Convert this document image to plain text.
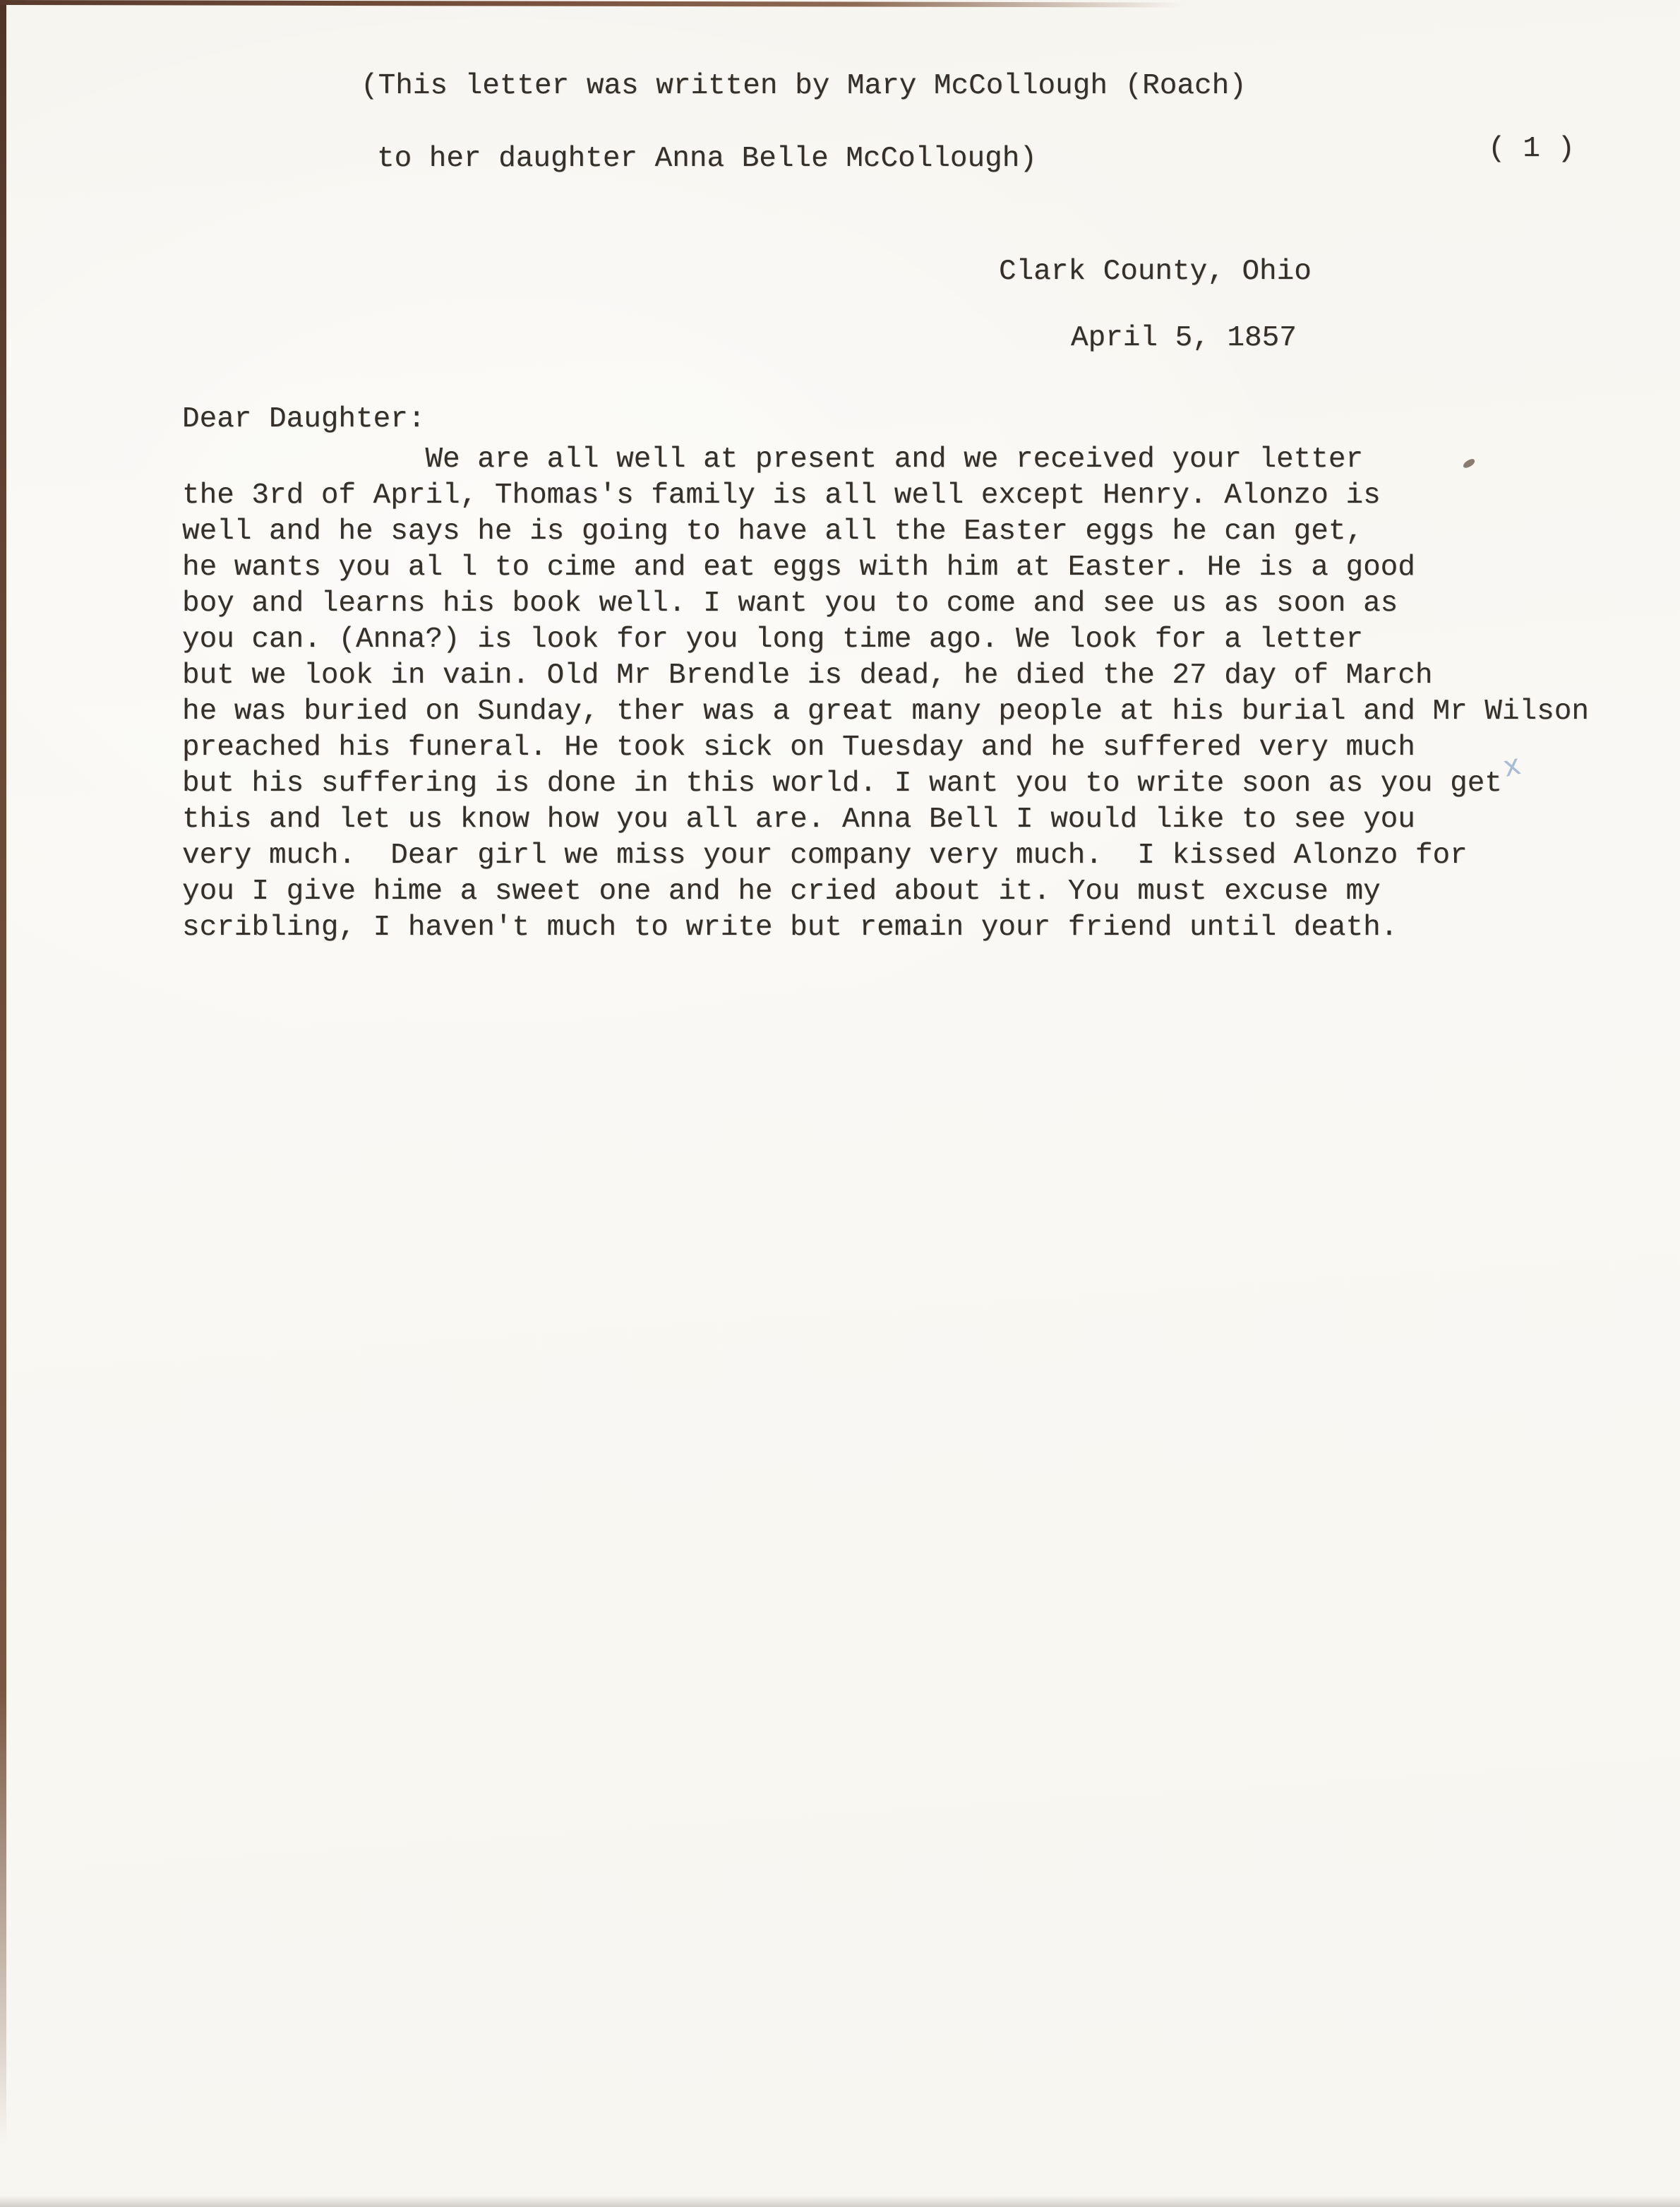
(This letter was written by Mary McCollough (Roach)
to her daughter Anna Belle McCollough)	( 1 )
Clark County, Ohio
April 5, 1857
Dear Daughter:
We are all well at present and we received your letter
the 3rd of April, Thomas's family is all well except Henry. Alonzo is
well and he says he is going to have all the Easter eggs he can get,
he wants you al l to cime and eat eggs with him at Easter. He is a good
boy and learns his book well. I want you to come and see us as soon as
you can. (Anna?) is look for you long time ago. We look for a letter
but we look in vain. Old Mr Brendle is dead, he died the 27 day of March
he was buried on Sunday, ther was a great many people at his burial and Mr Wilson
preached his funeral. He took sick on Tuesday and he suffered very much
but his suffering is done in this world. I want you to write soon as you get
this and let us know how you all are. Anna Bell I would like to see you
very much.  Dear girl we miss your company very much.  I kissed Alonzo for
you I give hime a sweet one and he cried about it. You must excuse my
scribling, I haven't much to write but remain your friend until death.
x
